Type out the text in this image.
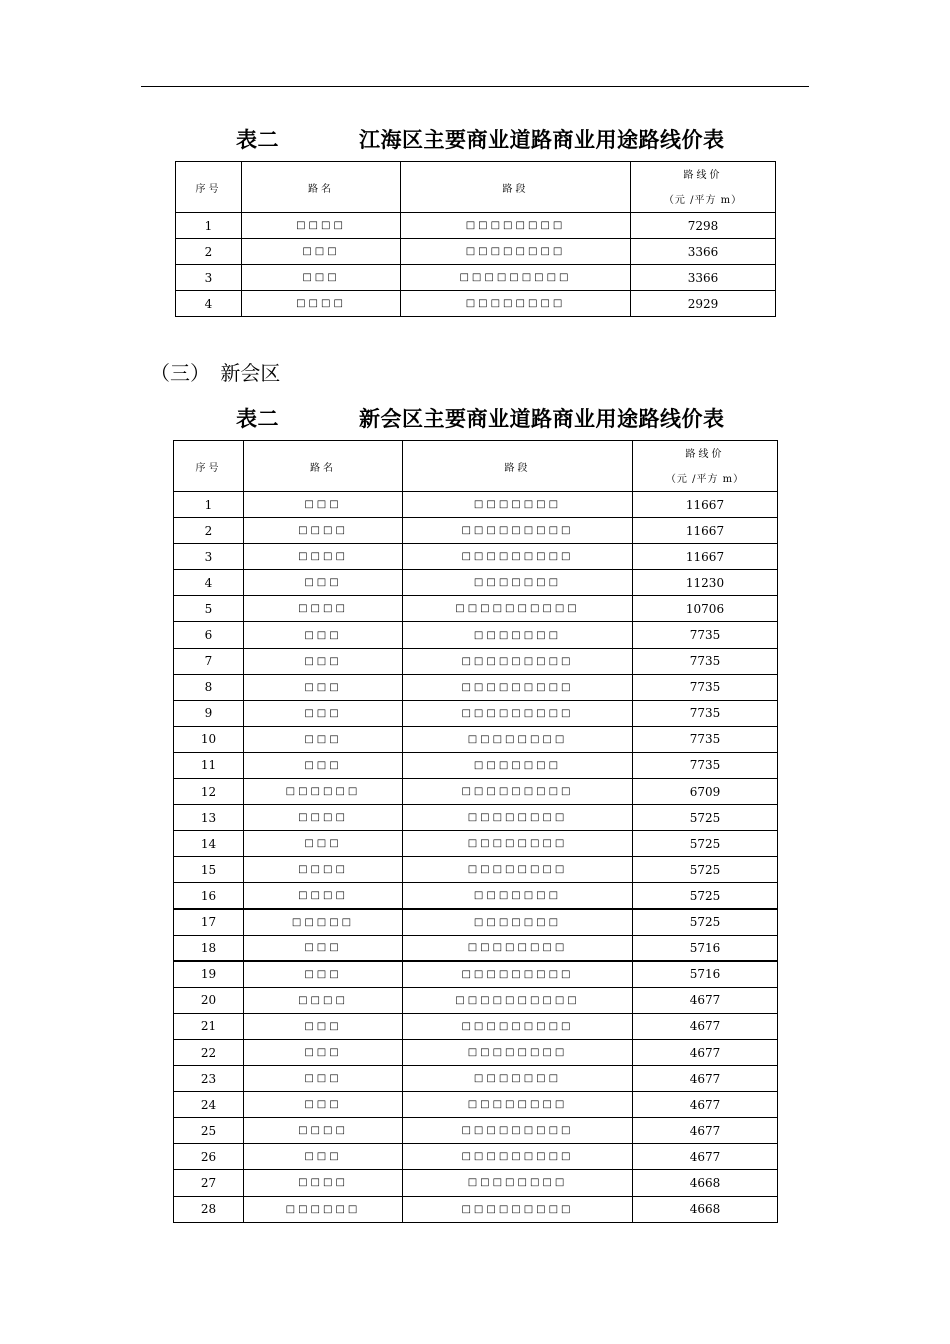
表二	江海区主要商业道路商业用途路线价表
序号	路名	路段	路线价
（元 /平方 m）

1	□□□□	□□□□□□□□	7298
2	□□□	□□□□□□□□	3366
3	□□□	□□□□□□□□□	3366
4	□□□□	□□□□□□□□	2929
（三） 新会区
表二	新会区主要商业道路商业用途路线价表
序号	路名	路段	路线价
（元 /平方 m）

1	□□□	□□□□□□□	11667
2	□□□□	□□□□□□□□□	11667
3	□□□□	□□□□□□□□□	11667
4	□□□	□□□□□□□	11230
5	□□□□	□□□□□□□□□□	10706
6	□□□	□□□□□□□	7735
7	□□□	□□□□□□□□□	7735
8	□□□	□□□□□□□□□	7735
9	□□□	□□□□□□□□□	7735
10	□□□	□□□□□□□□	7735
11	□□□	□□□□□□□	7735
12	□□□□□□	□□□□□□□□□	6709
13	□□□□	□□□□□□□□	5725
14	□□□	□□□□□□□□	5725
15	□□□□	□□□□□□□□	5725
16	□□□□	□□□□□□□	5725
17	□□□□□	□□□□□□□	5725
18	□□□	□□□□□□□□	5716
19	□□□	□□□□□□□□□	5716
20	□□□□	□□□□□□□□□□	4677
21	□□□	□□□□□□□□□	4677
22	□□□	□□□□□□□□	4677
23	□□□	□□□□□□□	4677
24	□□□	□□□□□□□□	4677
25	□□□□	□□□□□□□□□	4677
26	□□□	□□□□□□□□□	4677
27	□□□□	□□□□□□□□	4668
28	□□□□□□	□□□□□□□□□	4668
